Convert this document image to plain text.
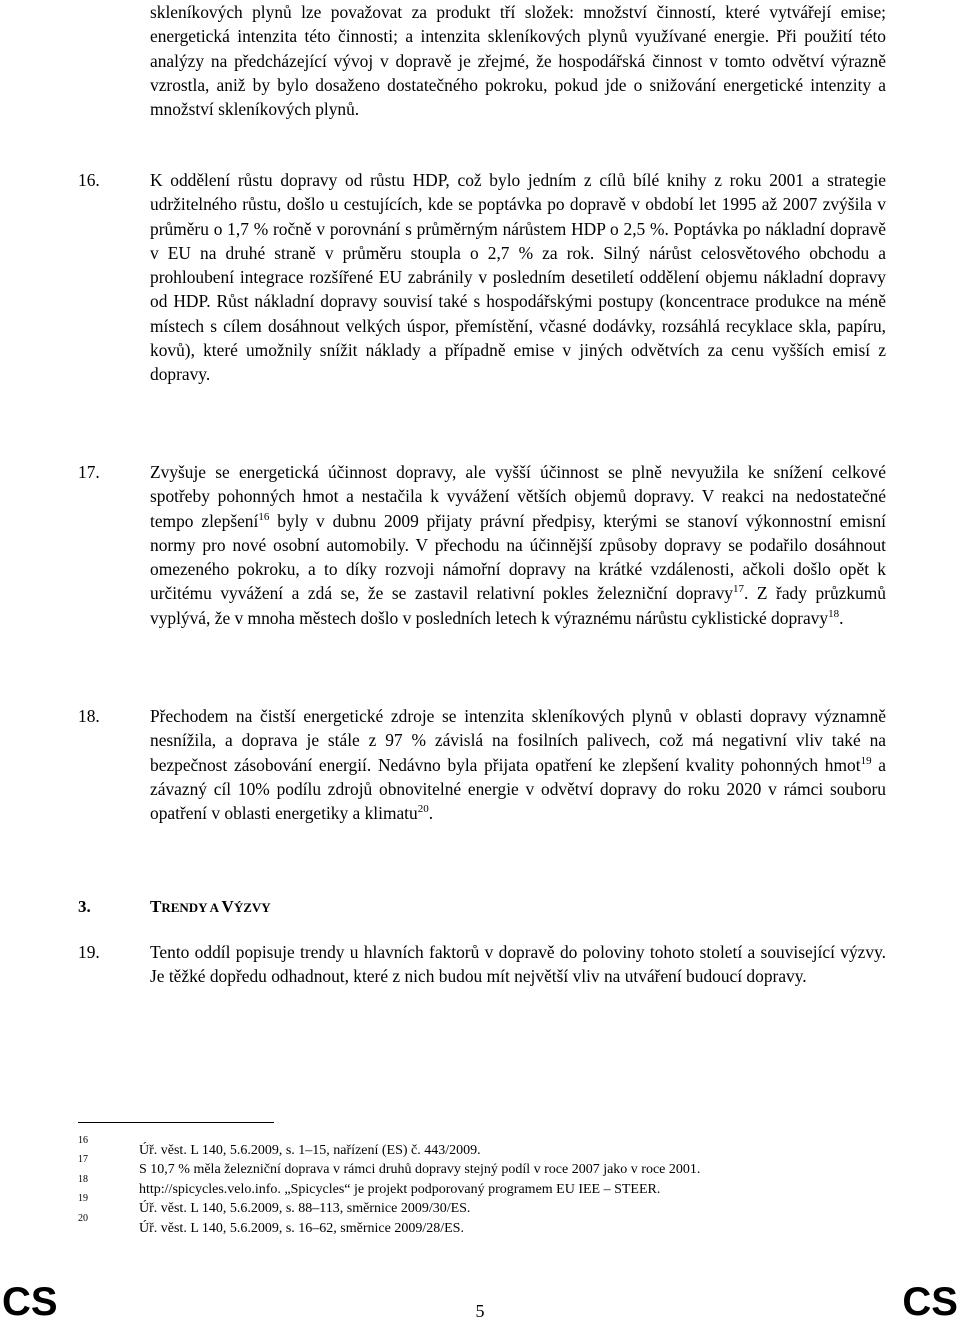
skleníkových plynů lze považovat za produkt tří složek: množství činností, které vytvářejí emise; energetická intenzita této činnosti; a intenzita skleníkových plynů využívané energie. Při použití této analýzy na předcházející vývoj v dopravě je zřejmé, že hospodářská činnost v tomto odvětví výrazně vzrostla, aniž by bylo dosaženo dostatečného pokroku, pokud jde o snižování energetické intenzity a množství skleníkových plynů.

16.	K oddělení růstu dopravy od růstu HDP, což bylo jedním z cílů bílé knihy z roku 2001 a strategie udržitelného růstu, došlo u cestujících, kde se poptávka po dopravě v období let 1995 až 2007 zvýšila v průměru o 1,7 % ročně v porovnání s průměrným nárůstem HDP o 2,5 %. Poptávka po nákladní dopravě v EU na druhé straně v průměru stoupla o 2,7 % za rok. Silný nárůst celosvětového obchodu a prohloubení integrace rozšířené EU zabránily v posledním desetiletí oddělení objemu nákladní dopravy od HDP. Růst nákladní dopravy souvisí také s hospodářskými postupy (koncentrace produkce na méně místech s cílem dosáhnout velkých úspor, přemístění, včasné dodávky, rozsáhlá recyklace skla, papíru, kovů), které umožnily snížit náklady a případně emise v jiných odvětvích za cenu vyšších emisí z dopravy.

17.	Zvyšuje se energetická účinnost dopravy, ale vyšší účinnost se plně nevyužila ke snížení celkové spotřeby pohonných hmot a nestačila k vyvážení větších objemů dopravy. V reakci na nedostatečné tempo zlepšení$^{16}$ byly v dubnu 2009 přijaty právní předpisy, kterými se stanoví výkonnostní emisní normy pro nové osobní automobily. V přechodu na účinnější způsoby dopravy se podařilo dosáhnout omezeného pokroku, a to díky rozvoji námořní dopravy na krátké vzdálenosti, ačkoli došlo opět k určitému vyvážení a zdá se, že se zastavil relativní pokles železniční dopravy$^{17}$. Z řady průzkumů vyplývá, že v mnoha městech došlo v posledních letech k výraznému nárůstu cyklistické dopravy$^{18}$.

18.	Přechodem na čistší energetické zdroje se intenzita skleníkových plynů v oblasti dopravy významně nesnížila, a doprava je stále z 97 % závislá na fosilních palivech, což má negativní vliv také na bezpečnost zásobování energií. Nedávno byla přijata opatření ke zlepšení kvality pohonných hmot$^{19}$ a závazný cíl 10% podílu zdrojů obnovitelné energie v odvětví dopravy do roku 2020 v rámci souboru opatření v oblasti energetiky a klimatu$^{20}$.

3.	TRENDY A VÝZVY
19.	Tento oddíl popisuje trendy u hlavních faktorů v dopravě do poloviny tohoto století a související výzvy. Je těžké dopředu odhadnout, které z nich budou mít největší vliv na utváření budoucí dopravy.

16
Úř. věst. L 140, 5.6.2009, s. 1–15, nařízení (ES) č. 443/2009.
17
S 10,7 % měla železniční doprava v rámci druhů dopravy stejný podíl v roce 2007 jako v roce 2001.
18
http://spicycles.velo.info. „Spicycles“ je projekt podporovaný programem EU IEE – STEER.
19
Úř. věst. L 140, 5.6.2009, s. 88–113, směrnice 2009/30/ES.
20
Úř. věst. L 140, 5.6.2009, s. 16–62, směrnice 2009/28/ES.
CS	5	CS
